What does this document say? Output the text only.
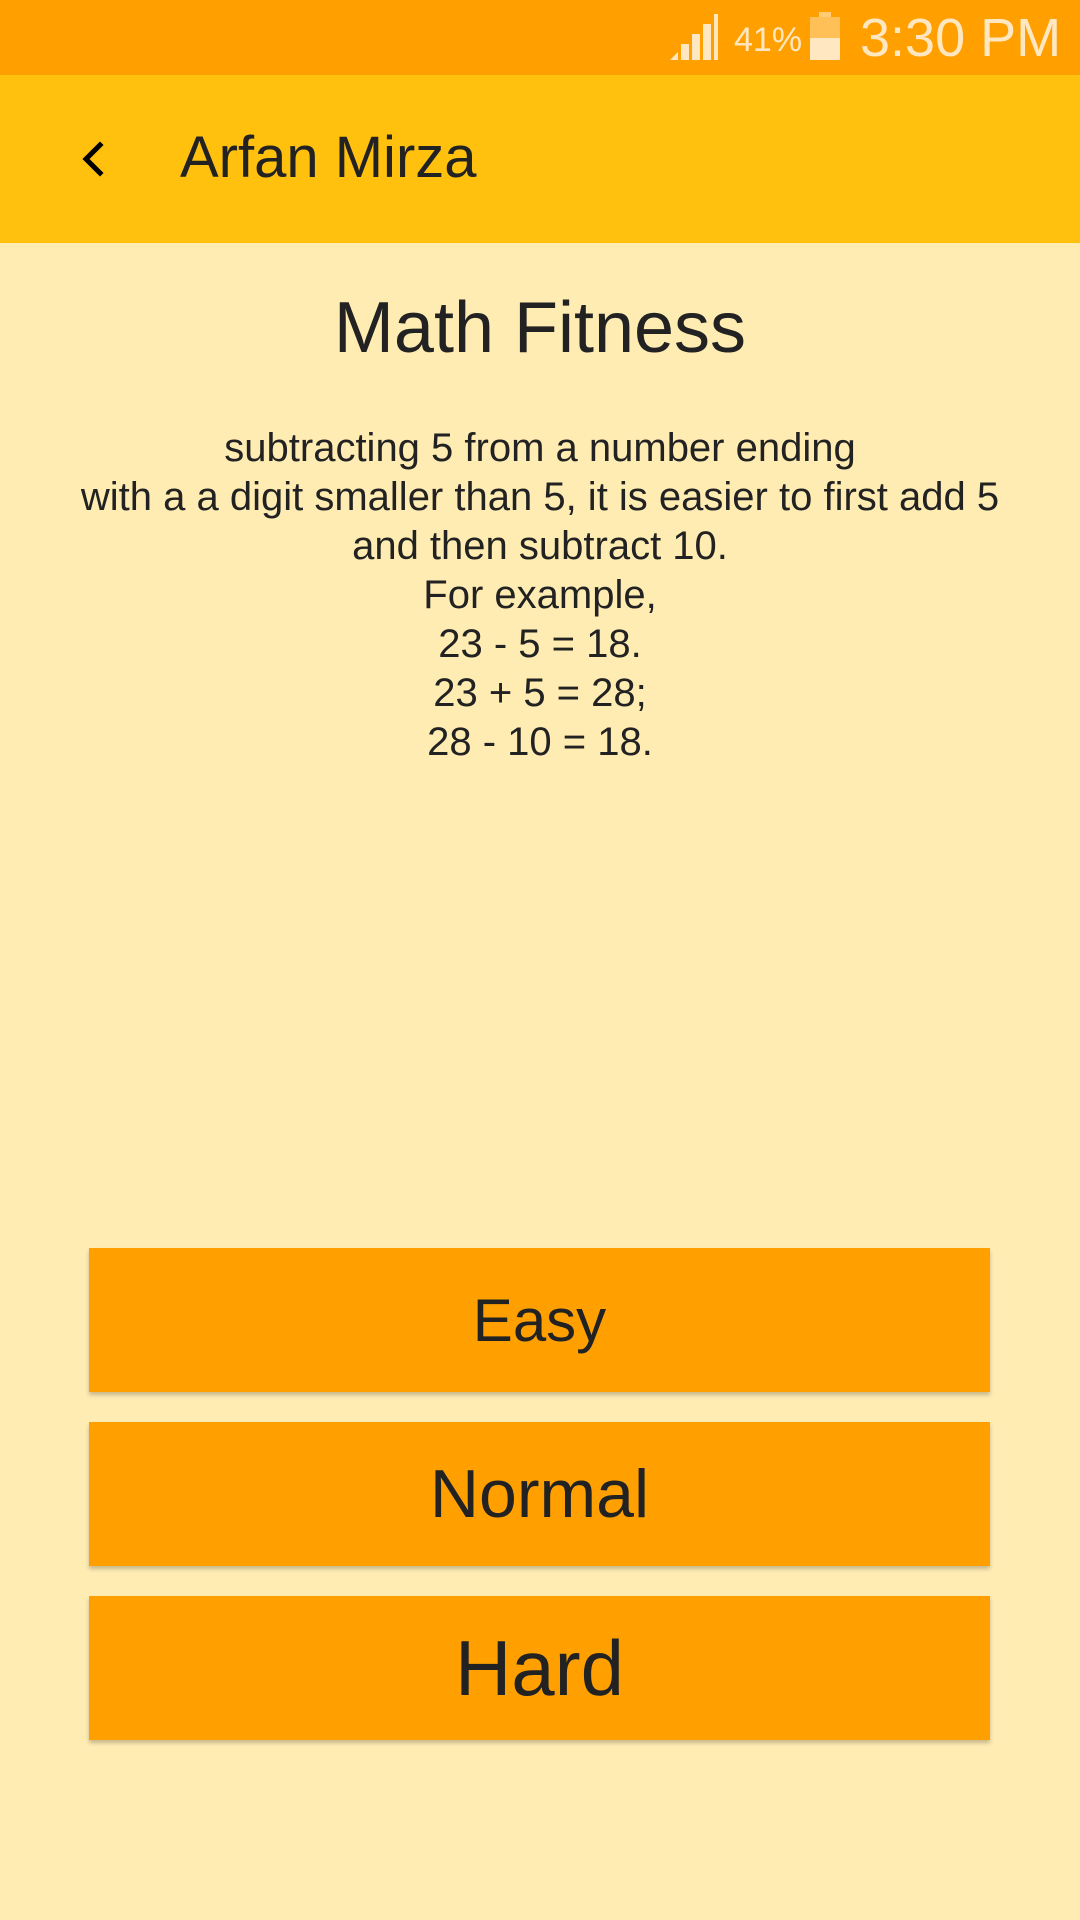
41% 3:30 PM
Arfan Mirza
Math Fitness
subtracting 5 from a number ending
with a a digit smaller than 5, it is easier to first add 5
and then subtract 10.
For example,
23 - 5 = 18.
23 + 5 = 28;
28 - 10 = 18.
Easy
Normal
Hard
